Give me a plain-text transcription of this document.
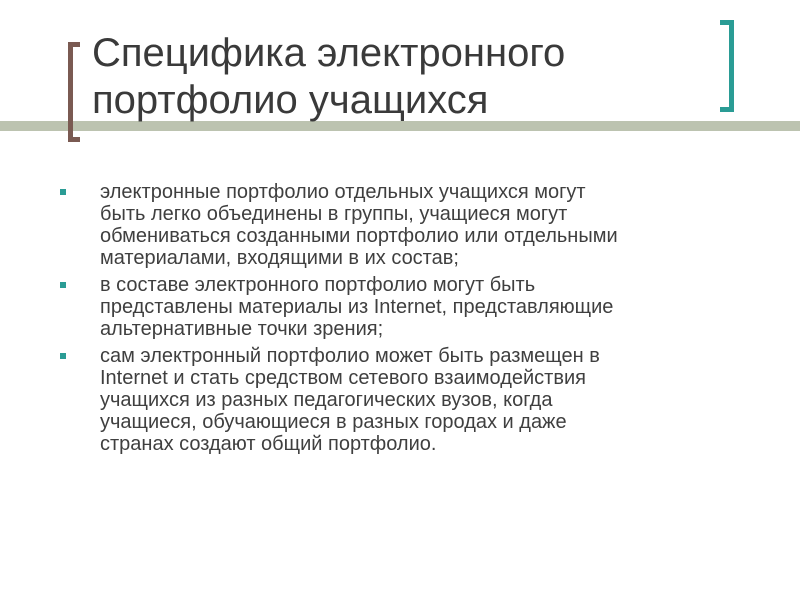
Специфика электронного
портфолио учащихся
электронные портфолио отдельных учащихся могут
быть легко объединены в группы, учащиеся могут
обмениваться созданными портфолио или отдельными
материалами, входящими в их состав;
в составе электронного портфолио могут быть
представлены материалы из Internet, представляющие
альтернативные точки зрения;
сам электронный портфолио может быть размещен в
Internet и стать средством сетевого взаимодействия
учащихся из разных педагогических вузов, когда
учащиеся, обучающиеся в разных городах и даже
странах создают общий портфолио.
